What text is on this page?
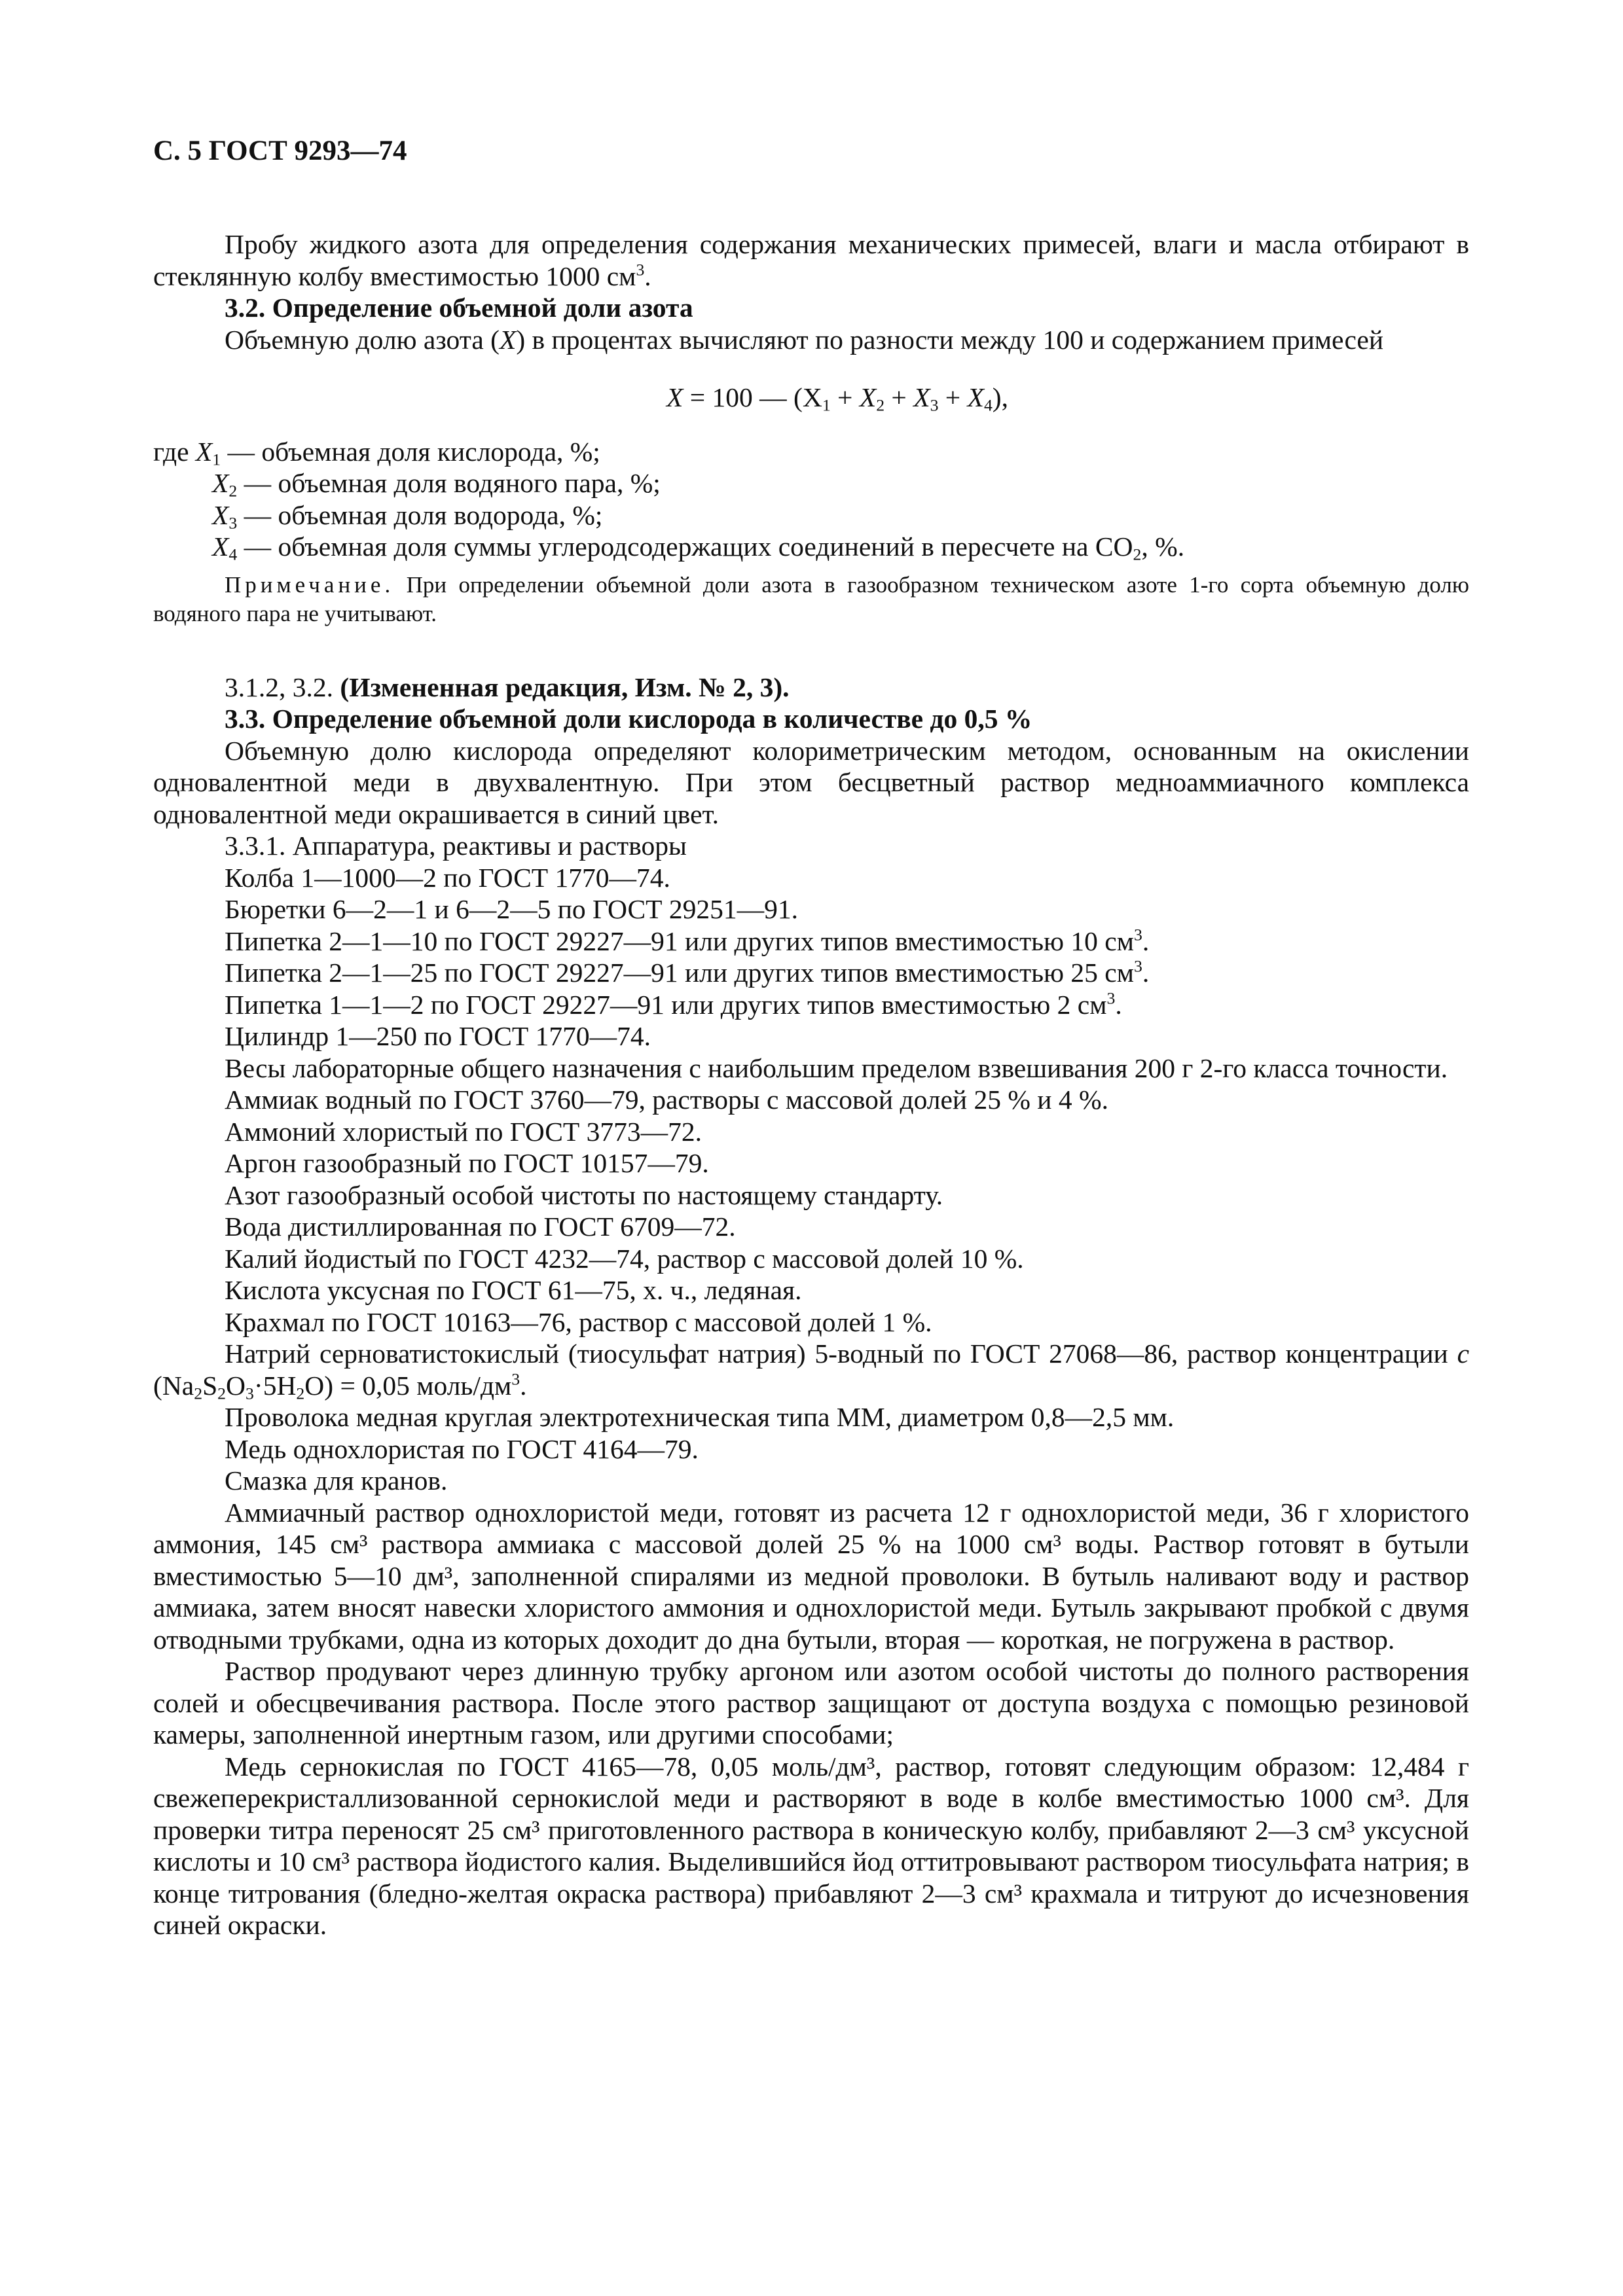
С. 5 ГОСТ 9293—74

Пробу жидкого азота для определения содержания механических примесей, влаги и масла отбирают в стеклянную колбу вместимостью 1000 $см^3$.

3.2. Определение объемной доли азота

Объемную долю азота (X) в процентах вычисляют по разности между 100 и содержанием примесей

X = 100 — $(X_1 + X_2 + X_3 + X_4)$,

где $X_1$ — объемная доля кислорода, %;

$X_2$ — объемная доля водяного пара, %;

$X_3$ — объемная доля водорода, %;

$X_4$ — объемная доля суммы углеродсодержащих соединений в пересчете на $CO_2$, %.

Примечание. При определении объемной доли азота в газообразном техническом азоте 1-го сорта объемную долю водяного пара не учитывают.

3.1.2, 3.2. (Измененная редакция, Изм. № 2, 3).

3.3. Определение объемной доли кислорода в количестве до 0,5 %

Объемную долю кислорода определяют колориметрическим методом, основанным на окислении одновалентной меди в двухвалентную. При этом бесцветный раствор медноаммиачного комплекса одновалентной меди окрашивается в синий цвет.

3.3.1. Аппаратура, реактивы и растворы

Колба 1—1000—2 по ГОСТ 1770—74.

Бюретки 6—2—1 и 6—2—5 по ГОСТ 29251—91.

Пипетка 2—1—10 по ГОСТ 29227—91 или других типов вместимостью 10 $см^3$.

Пипетка 2—1—25 по ГОСТ 29227—91 или других типов вместимостью 25 $см^3$.

Пипетка 1—1—2 по ГОСТ 29227—91 или других типов вместимостью 2 $см^3$.

Цилиндр 1—250 по ГОСТ 1770—74.

Весы лабораторные общего назначения с наибольшим пределом взвешивания 200 г 2-го класса точности.

Аммиак водный по ГОСТ 3760—79, растворы с массовой долей 25 % и 4 %.

Аммоний хлористый по ГОСТ 3773—72.

Аргон газообразный по ГОСТ 10157—79.

Азот газообразный особой чистоты по настоящему стандарту.

Вода дистиллированная по ГОСТ 6709—72.

Калий йодистый по ГОСТ 4232—74, раствор с массовой долей 10 %.

Кислота уксусная по ГОСТ 61—75, х. ч., ледяная.

Крахмал по ГОСТ 10163—76, раствор с массовой долей 1 %.

Натрий серноватистокислый (тиосульфат натрия) 5-водный по ГОСТ 27068—86, раствор концентрации c $(Na_2S_2O_3\cdot 5H_2O) = 0,05$ моль/$дм^3$.

Проволока медная круглая электротехническая типа ММ, диаметром 0,8—2,5 мм.

Медь однохлористая по ГОСТ 4164—79.

Смазка для кранов.

Аммиачный раствор однохлористой меди, готовят из расчета 12 г однохлористой меди, 36 г хлористого аммония, 145 см³ раствора аммиака с массовой долей 25 % на 1000 см³ воды. Раствор готовят в бутыли вместимостью 5—10 дм³, заполненной спиралями из медной проволоки. В бутыль наливают воду и раствор аммиака, затем вносят навески хлористого аммония и однохлористой меди. Бутыль закрывают пробкой с двумя отводными трубками, одна из которых доходит до дна бутыли, вторая — короткая, не погружена в раствор.

Раствор продувают через длинную трубку аргоном или азотом особой чистоты до полного растворения солей и обесцвечивания раствора. После этого раствор защищают от доступа воздуха с помощью резиновой камеры, заполненной инертным газом, или другими способами;

Медь сернокислая по ГОСТ 4165—78, 0,05 моль/дм³, раствор, готовят следующим образом: 12,484 г свежеперекристаллизованной сернокислой меди и растворяют в воде в колбе вместимостью 1000 см³. Для проверки титра переносят 25 см³ приготовленного раствора в коническую колбу, прибавляют 2—3 см³ уксусной кислоты и 10 см³ раствора йодистого калия. Выделившийся йод оттитровывают раствором тиосульфата натрия; в конце титрования (бледно-желтая окраска раствора) прибавляют 2—3 см³ крахмала и титруют до исчезновения синей окраски.
